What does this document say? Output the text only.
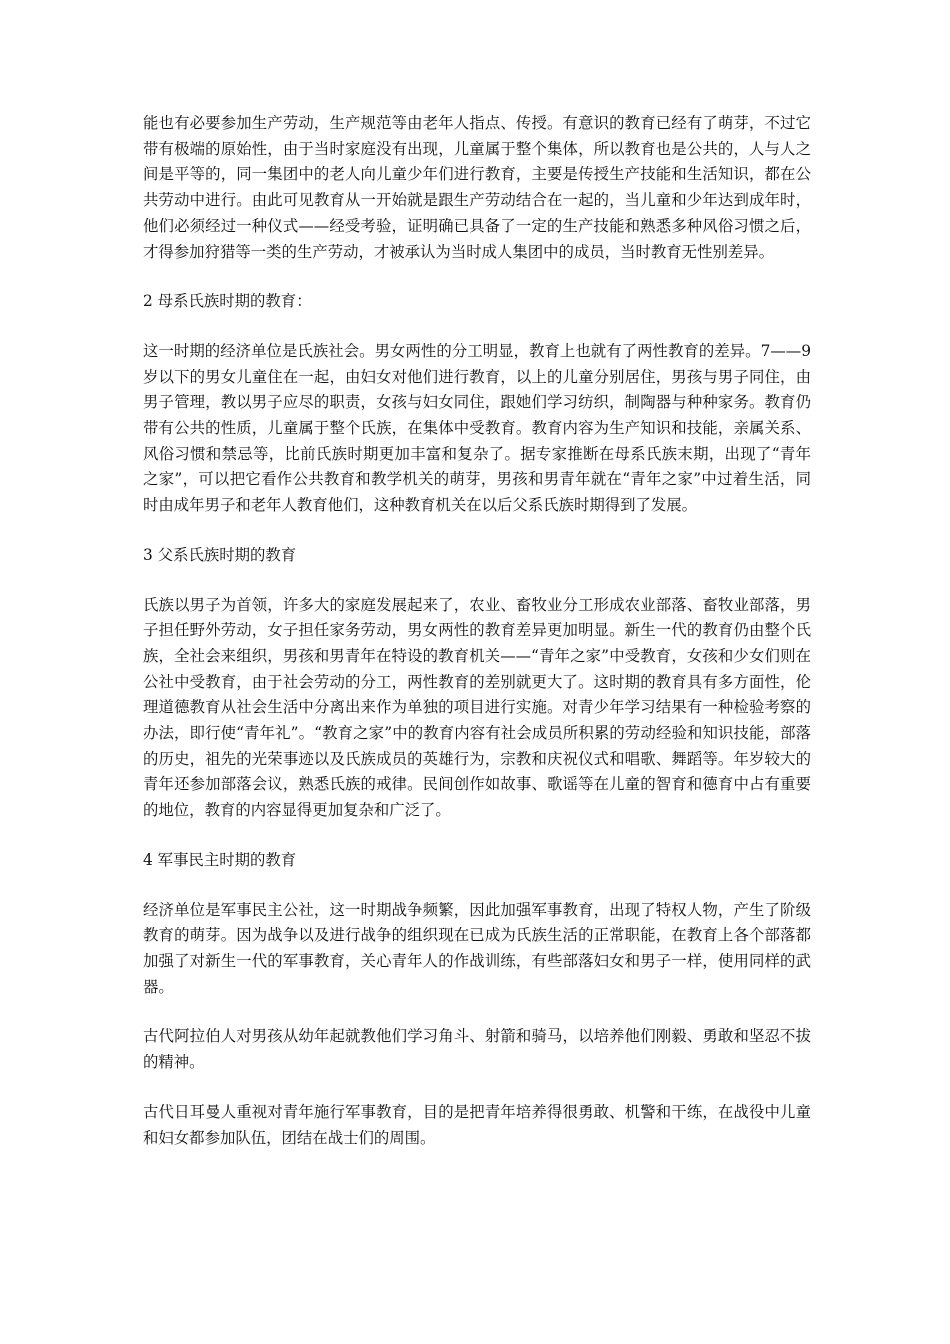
能也有必要参加生产劳动，生产规范等由老年人指点、传授。有意识的教育已经有了萌芽，不过它带有极端的原始性，由于当时家庭没有出现，儿童属于整个集体，所以教育也是公共的，人与人之间是平等的，同一集团中的老人向儿童少年们进行教育，主要是传授生产技能和生活知识，都在公共劳动中进行。由此可见教育从一开始就是跟生产劳动结合在一起的，当儿童和少年达到成年时，他们必须经过一种仪式——经受考验，证明确已具备了一定的生产技能和熟悉多种风俗习惯之后，才得参加狩猎等一类的生产劳动，才被承认为当时成人集团中的成员，当时教育无性别差异。

2 母系氏族时期的教育：

这一时期的经济单位是氏族社会。男女两性的分工明显，教育上也就有了两性教育的差异。7——9 岁以下的男女儿童住在一起，由妇女对他们进行教育，以上的儿童分别居住，男孩与男子同住，由男子管理，教以男子应尽的职责，女孩与妇女同住，跟她们学习纺织，制陶器与种种家务。教育仍带有公共的性质，儿童属于整个氏族，在集体中受教育。教育内容为生产知识和技能，亲属关系、风俗习惯和禁忌等，比前氏族时期更加丰富和复杂了。据专家推断在母系氏族末期，出现了“青年之家”，可以把它看作公共教育和教学机关的萌芽，男孩和男青年就在“青年之家”中过着生活，同时由成年男子和老年人教育他们，这种教育机关在以后父系氏族时期得到了发展。

3 父系氏族时期的教育

氏族以男子为首领，许多大的家庭发展起来了，农业、畜牧业分工形成农业部落、畜牧业部落，男子担任野外劳动，女子担任家务劳动，男女两性的教育差异更加明显。新生一代的教育仍由整个氏族，全社会来组织，男孩和男青年在特设的教育机关——“青年之家”中受教育，女孩和少女们则在公社中受教育，由于社会劳动的分工，两性教育的差别就更大了。这时期的教育具有多方面性，伦理道德教育从社会生活中分离出来作为单独的项目进行实施。对青少年学习结果有一种检验考察的办法，即行使“青年礼”。“教育之家”中的教育内容有社会成员所积累的劳动经验和知识技能，部落的历史，祖先的光荣事迹以及氏族成员的英雄行为，宗教和庆祝仪式和唱歌、舞蹈等。年岁较大的青年还参加部落会议，熟悉氏族的戒律。民间创作如故事、歌谣等在儿童的智育和德育中占有重要的地位，教育的内容显得更加复杂和广泛了。

4 军事民主时期的教育

经济单位是军事民主公社，这一时期战争频繁，因此加强军事教育，出现了特权人物，产生了阶级教育的萌芽。因为战争以及进行战争的组织现在已成为氏族生活的正常职能，在教育上各个部落都加强了对新生一代的军事教育，关心青年人的作战训练，有些部落妇女和男子一样，使用同样的武器。

古代阿拉伯人对男孩从幼年起就教他们学习角斗、射箭和骑马，以培养他们刚毅、勇敢和坚忍不拔的精神。

古代日耳曼人重视对青年施行军事教育，目的是把青年培养得很勇敢、机警和干练，在战役中儿童和妇女都参加队伍，团结在战士们的周围。
